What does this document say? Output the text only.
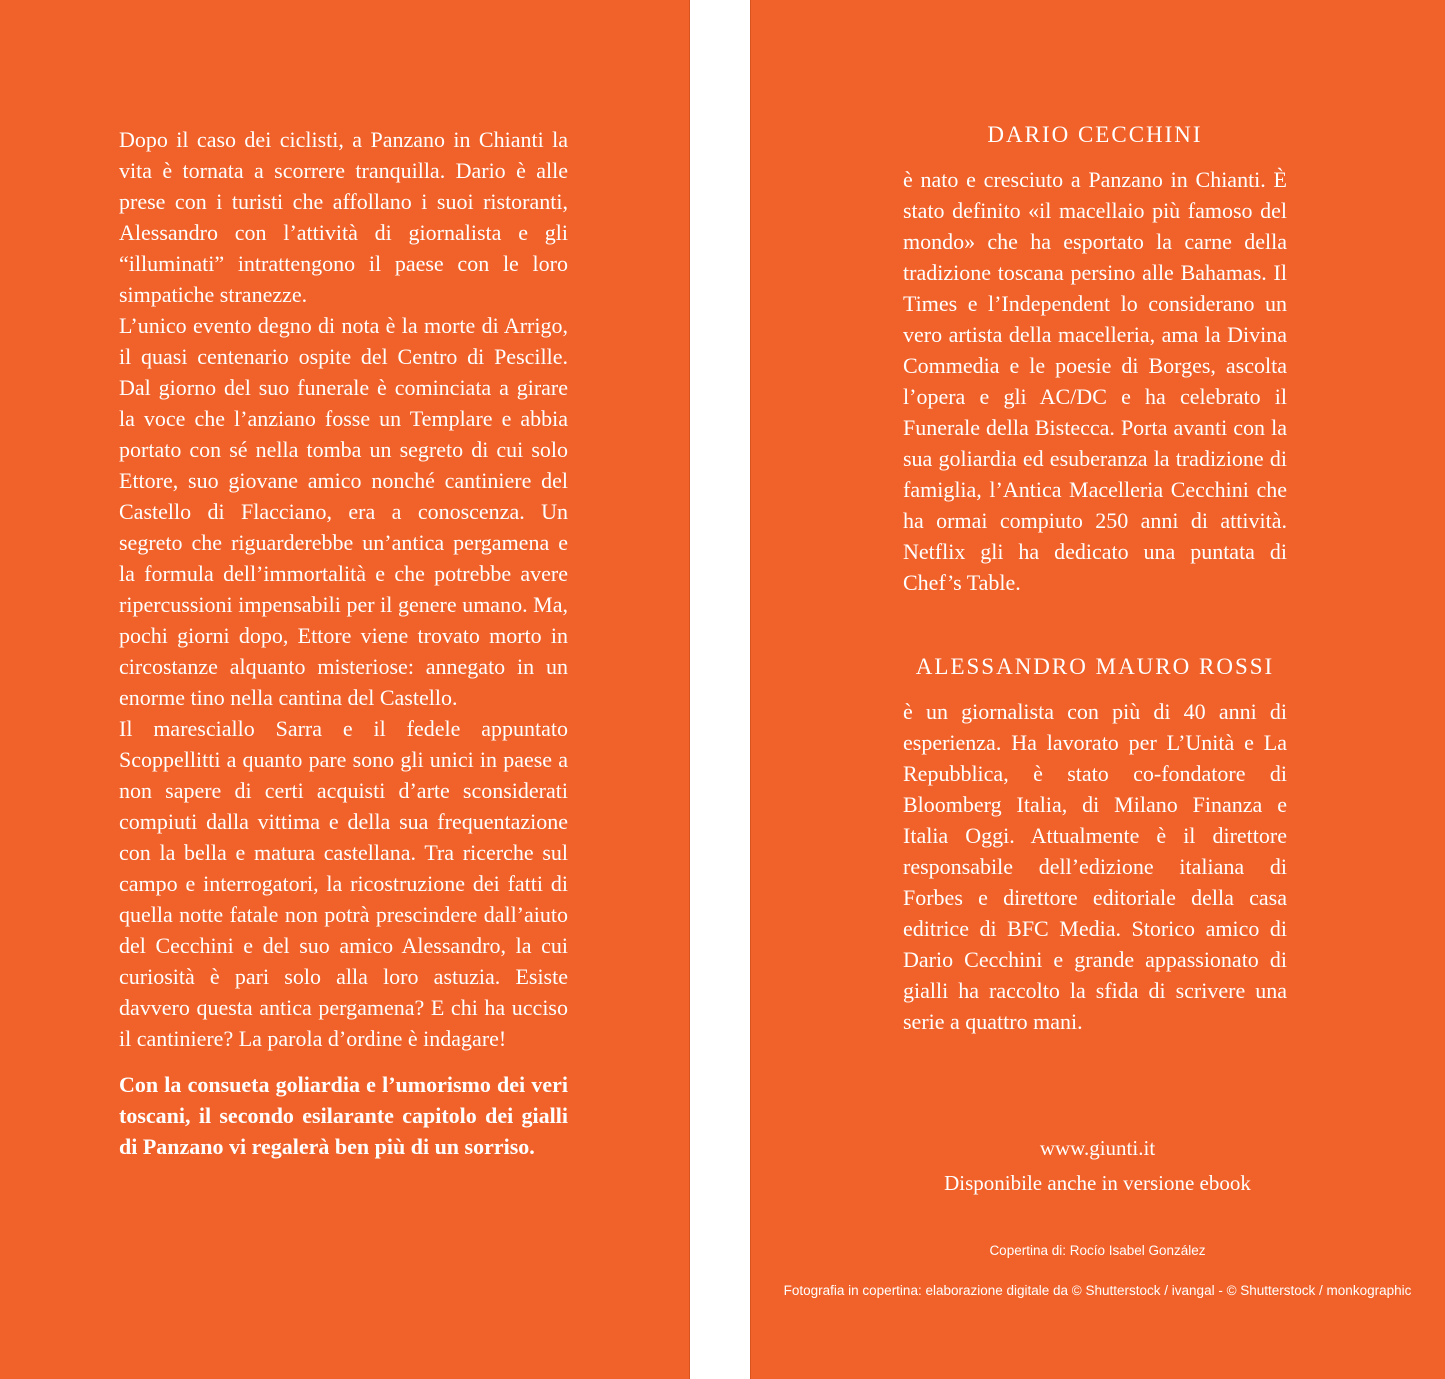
Dopo il caso dei ciclisti, a Panzano in Chianti la vita è tornata a scorrere tranquilla. Dario è alle prese con i turisti che affollano i suoi ristoranti, Alessandro con l’attività di giornalista e gli “illuminati” intrattengono il paese con le loro simpatiche stranezze.

L’unico evento degno di nota è la morte di Arrigo, il quasi centenario ospite del Centro di Pescille. Dal giorno del suo funerale è cominciata a girare la voce che l’anziano fosse un Templare e abbia portato con sé nella tomba un segreto di cui solo Ettore, suo giovane amico nonché cantiniere del Castello di Flacciano, era a conoscenza. Un segreto che riguarderebbe un’antica pergamena e la formula dell’immortalità e che potrebbe avere ripercussioni impensabili per il genere umano. Ma, pochi giorni dopo, Ettore viene trovato morto in circostanze alquanto misteriose: annegato in un enorme tino nella cantina del Castello.

Il maresciallo Sarra e il fedele appuntato Scoppellitti a quanto pare sono gli unici in paese a non sapere di certi acquisti d’arte sconsiderati compiuti dalla vittima e della sua frequentazione con la bella e matura castellana. Tra ricerche sul campo e interrogatori, la ricostruzione dei fatti di quella notte fatale non potrà prescindere dall’aiuto del Cecchini e del suo amico Alessandro, la cui curiosità è pari solo alla loro astuzia. Esiste davvero questa antica pergamena? E chi ha ucciso il cantiniere? La parola d’ordine è indagare!

Con la consueta goliardia e l’umorismo dei veri toscani, il secondo esilarante capitolo dei gialli di Panzano vi regalerà ben più di un sorriso.

DARIO CECCHINI

è nato e cresciuto a Panzano in Chianti. È stato definito «il macellaio più famoso del mondo» che ha esportato la carne della tradizione toscana persino alle Bahamas. Il Times e l’Independent lo considerano un vero artista della macelleria, ama la Divina Commedia e le poesie di Borges, ascolta l’opera e gli AC/DC e ha celebrato il Funerale della Bistecca. Porta avanti con la sua goliardia ed esuberanza la tradizione di famiglia, l’Antica Macelleria Cecchini che ha ormai compiuto 250 anni di attività. Netflix gli ha dedicato una puntata di Chef’s Table.

ALESSANDRO MAURO ROSSI

è un giornalista con più di 40 anni di esperienza. Ha lavorato per L’Unità e La Repubblica, è stato co-fondatore di Bloomberg Italia, di Milano Finanza e Italia Oggi. Attualmente è il direttore responsabile dell’edizione italiana di Forbes e direttore editoriale della casa editrice di BFC Media. Storico amico di Dario Cecchini e grande appassionato di gialli ha raccolto la sfida di scrivere una serie a quattro mani.

www.giunti.it

Disponibile anche in versione ebook

Copertina di: Rocío Isabel González

Fotografia in copertina: elaborazione digitale da © Shutterstock / ivangal - © Shutterstock / monkographic
